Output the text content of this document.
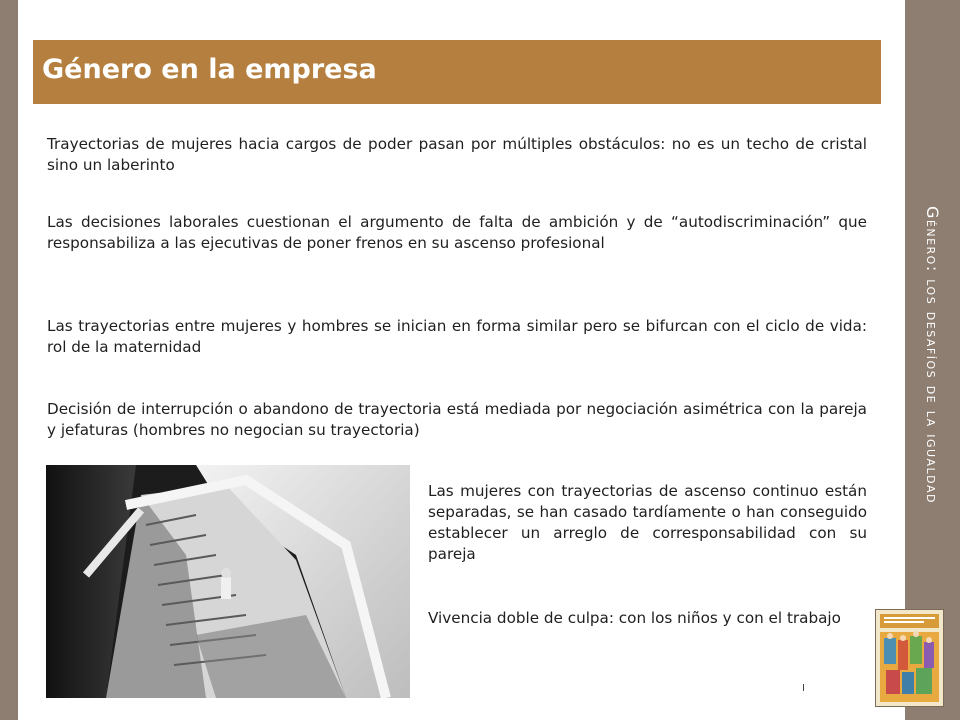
Género: los desafíos de la igualdad
Género en la empresa

Trayectorias de mujeres hacia cargos de poder pasan por múltiples obstáculos: no es un techo de cristal sino un laberinto

Las decisiones laborales cuestionan el argumento de falta de ambición y de “autodiscriminación” que responsabiliza a las ejecutivas de poner frenos en su ascenso profesional

Las trayectorias entre mujeres y hombres se inician en forma similar pero se bifurcan con el ciclo de vida: rol de la maternidad

Decisión de interrupción o abandono de trayectoria está mediada por negociación asimétrica con la pareja y jefaturas (hombres no negocian su trayectoria)

Las mujeres con trayectorias de ascenso continuo están separadas, se han casado tardíamente o han conseguido establecer un arreglo de corresponsabilidad con su pareja

Vivencia doble de culpa: con los niños y con el trabajo
